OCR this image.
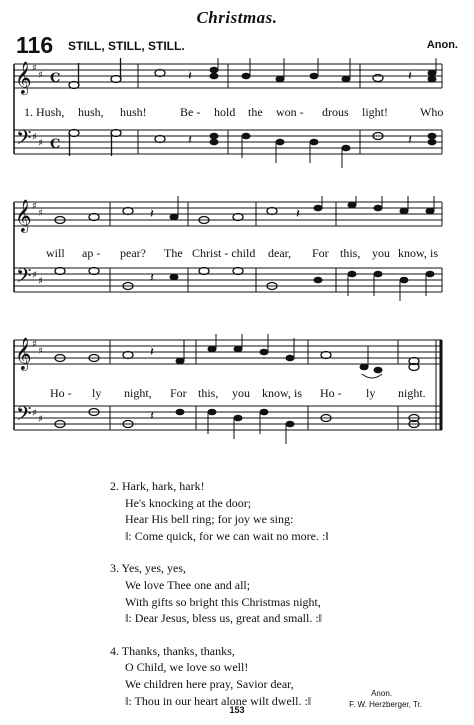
Christmas.
116 STILL, STILL, STILL.	Anon.
𝄞
𝄢
♯
♯
♯
♯
C
C
𝄽
𝄽
𝄽
𝄽
1. Hush, hush, hush!	Be - hold the won - drous light!	Who
𝄞
𝄢
♯
♯
♯
♯
𝄽
𝄽
𝄽
will ap - pear? The Christ - child dear, For this, you know, is
𝄞
𝄢
♯
♯
♯
♯
𝄽
𝄽
Ho - ly night, For this, you know, is Ho - ly night.
2. Hark, hark, hark!
He's knocking at the door;
Hear His bell ring; for joy we sing:
‖: Come quick, for we can wait no more. :‖
3. Yes, yes, yes,
We love Thee one and all;
With gifts so bright this Christmas night,
‖: Dear Jesus, bless us, great and small. :‖
4. Thanks, thanks, thanks,
O Child, we love so well!
We children here pray, Savior dear,
‖: Thou in our heart alone wilt dwell. :‖
Anon.
F. W. Herzberger, Tr.
153
